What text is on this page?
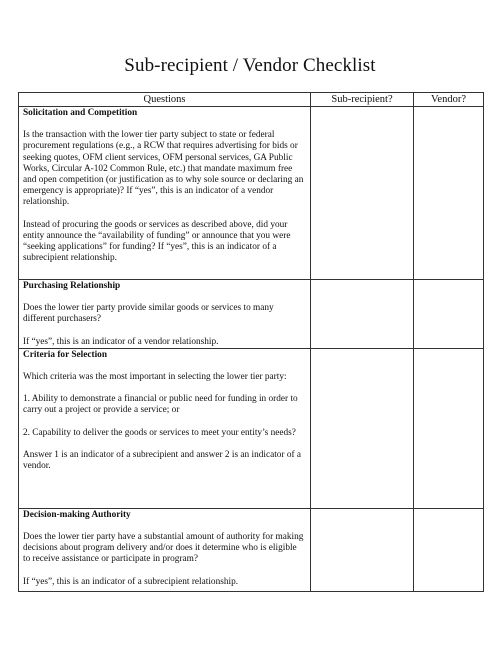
Sub-recipient / Vendor Checklist
Questions	Sub-recipient?	Vendor?

Solicitation and Competition

Is the transaction with the lower tier party subject to state or federal procurement regulations (e.g., a RCW that requires advertising for bids or seeking quotes, OFM client services, OFM personal services, GA Public Works, Circular A-102 Common Rule, etc.) that mandate maximum free and open competition (or justification as to why sole source or declaring an emergency is appropriate)? If “yes”, this is an indicator of a vendor relationship.

Instead of procuring the goods or services as described above, did your entity announce the “availability of funding” or announce that you were “seeking applications” for funding? If “yes”, this is an indicator of a subrecipient relationship.		

Purchasing Relationship

Does the lower tier party provide similar goods or services to many different purchasers?

If “yes”, this is an indicator of a vendor relationship.		

Criteria for Selection

Which criteria was the most important in selecting the lower tier party:

1. Ability to demonstrate a financial or public need for funding in order to carry out a project or provide a service; or

2. Capability to deliver the goods or services to meet your entity’s needs?

Answer 1 is an indicator of a subrecipient and answer 2 is an indicator of a vendor.		

Decision-making Authority

Does the lower tier party have a substantial amount of authority for making decisions about program delivery and/or does it determine who is eligible to receive assistance or participate in program?

If “yes”, this is an indicator of a subrecipient relationship.		
